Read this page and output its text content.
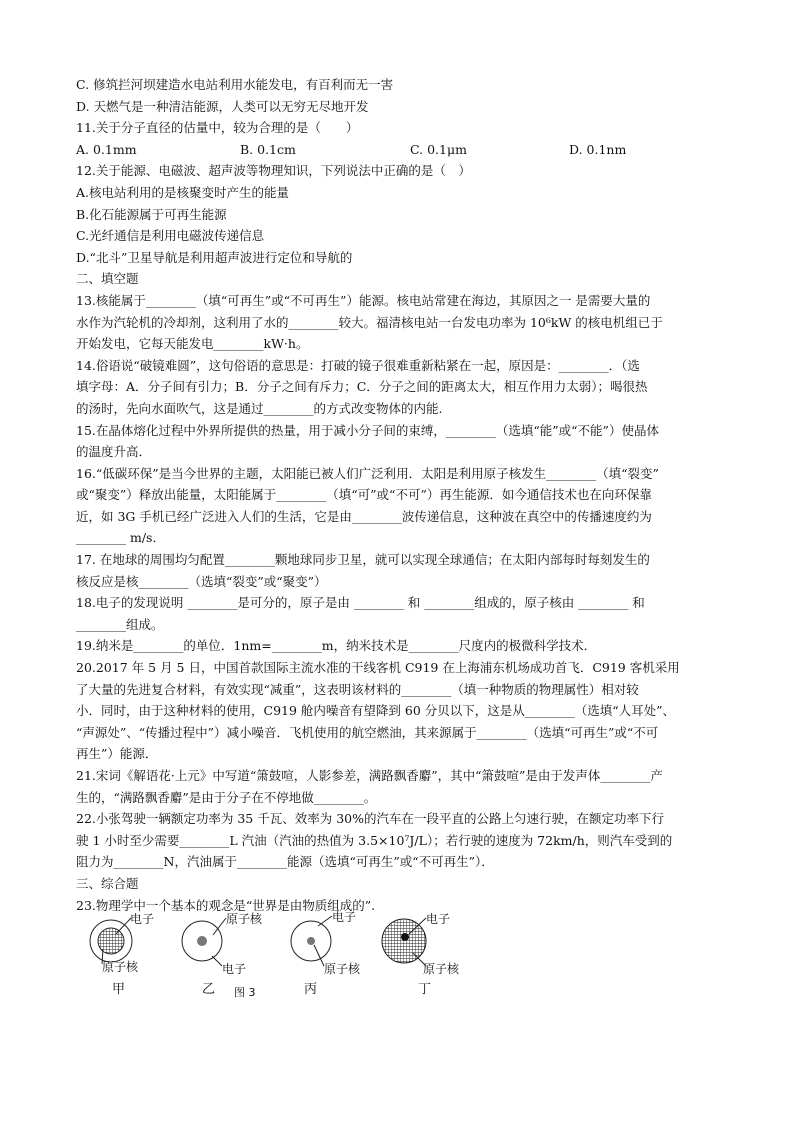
C. 修筑拦河坝建造水电站利用水能发电，有百利而无一害
D. 天燃气是一种清洁能源，人类可以无穷无尽地开发
11.关于分子直径的估量中，较为合理的是（　　）
A. 0.1mm	B. 0.1cm	C. 0.1μm	D. 0.1nm
12.关于能源、电磁波、超声波等物理知识，下列说法中正确的是（　）
A.核电站利用的是核聚变时产生的能量
B.化石能源属于可再生能源
C.光纤通信是利用电磁波传递信息
D.“北斗”卫星导航是利用超声波进行定位和导航的
二、填空题
13.核能属于________（填“可再生”或“不可再生”）能源。核电站常建在海边，其原因之一 是需要大量的
水作为汽轮机的冷却剂，这利用了水的________较大。福清核电站一台发电功率为 10⁶kW 的核电机组已于
开始发电，它每天能发电________kW·h。
14.俗语说“破镜难圆”，这句俗语的意思是：打破的镜子很难重新粘紧在一起，原因是：________．（选
填字母：A．分子间有引力；B．分子之间有斥力；C．分子之间的距离太大，相互作用力太弱）；喝很热
的汤时，先向水面吹气，这是通过________的方式改变物体的内能.
15.在晶体熔化过程中外界所提供的热量，用于减小分子间的束缚，________（选填“能”或“不能”）使晶体
的温度升高．
16.“低碳环保”是当今世界的主题，太阳能已被人们广泛利用．太阳是利用原子核发生________（填“裂变”
或“聚变”）释放出能量，太阳能属于________（填“可”或“不可”）再生能源．如今通信技术也在向环保靠
近，如 3G 手机已经广泛进入人们的生活，它是由________波传递信息，这种波在真空中的传播速度约为
________ m/s．
17. 在地球的周围均匀配置________颗地球同步卫星，就可以实现全球通信；在太阳内部每时每刻发生的
核反应是核________（选填“裂变”或“聚变”）
18.电子的发现说明 ________是可分的，原子是由 ________ 和 ________组成的，原子核由 ________ 和
________组成。
19.纳米是________的单位．1nm=________m，纳米技术是________尺度内的极微科学技术．
20.2017 年 5 月 5 日，中国首款国际主流水准的干线客机 C919 在上海浦东机场成功首飞．C919 客机采用
了大量的先进复合材料，有效实现“减重”，这表明该材料的________（填一种物质的物理属性）相对较
小．同时，由于这种材料的使用，C919 舱内噪音有望降到 60 分贝以下，这是从________（选填“人耳处”、
“声源处”、“传播过程中”）减小噪音．飞机使用的航空燃油，其来源属于________（选填“可再生”或“不可
再生”）能源．
21.宋词《解语花·上元》中写道“箫鼓喧，人影参差，满路飘香麝”，其中“箫鼓喧”是由于发声体________产
生的，“满路飘香麝”是由于分子在不停地做________。
22.小张驾驶一辆额定功率为 35 千瓦、效率为 30%的汽车在一段平直的公路上匀速行驶，在额定功率下行
驶 1 小时至少需要________L 汽油（汽油的热值为 3.5×10⁷J/L）；若行驶的速度为 72km/h，则汽车受到的
阻力为________N，汽油属于________能源（选填“可再生”或“不可再生”）．
三、综合题
23.物理学中一个基本的观念是“世界是由物质组成的”.
电子
原子核
原子核
电子
电子
原子核
电子
原子核
甲	乙 图 3	丙	丁
